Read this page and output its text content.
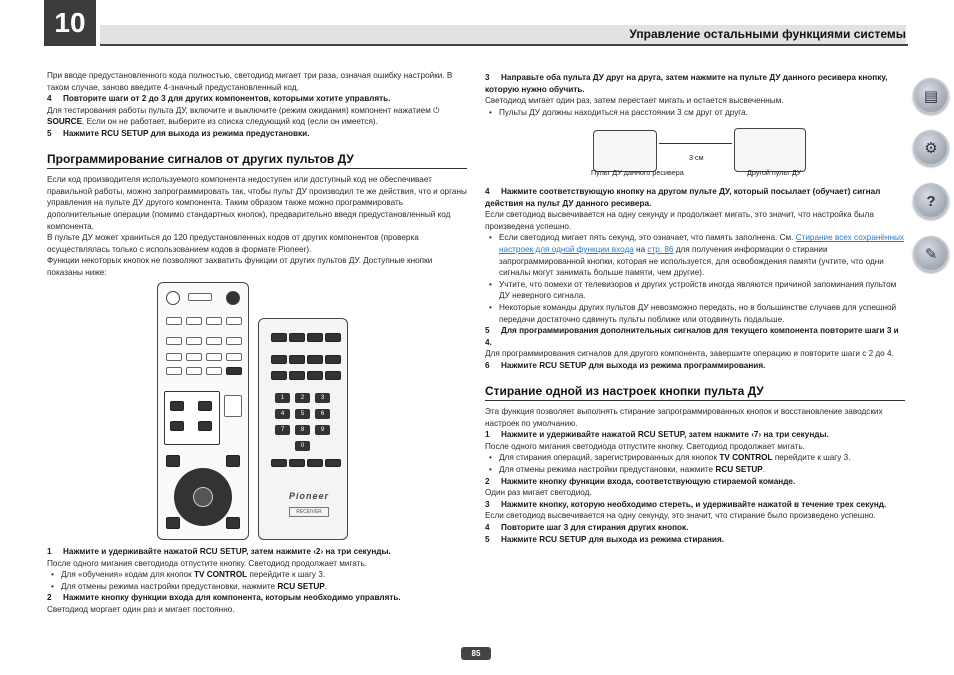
10	Управление остальными функциями системы

При вводе предустановленного кода полностью, светодиод мигает три раза, означая ошибку настройки. В таком случае, заново введите 4-значный предустановленный код.

4 Повторите шаги от 2 до 3 для других компонентов, которыми хотите управлять.

Для тестирования работы пульта ДУ, включите и выключите (режим ожидания) компонент нажатием ⏻ SOURCE. Если он не работает, выберите из списка следующий код (если он имеется).

5 Нажмите RCU SETUP для выхода из режима предустановки.

Программирование сигналов от других пультов ДУ

Если код производителя используемого компонента недоступен или доступный код не обеспечивает правильной работы, можно запрограммировать так, чтобы пульт ДУ производил те же действия, что и органы управления на пульте ДУ другого компонента. Таким образом также можно программировать дополнительные операции (помимо стандартных кнопок), предварительно введя предустановленный код компонента.

В пульте ДУ может храниться до 120 предустановленных кодов от других компонентов (проверка осуществлялась только с использованием кодов в формате Pioneer).

Функции некоторых кнопок не позволяют захватить функции от других пультов ДУ. Доступные кнопки показаны ниже:

1	2	3
4	5	6
7	8	9
0
Pioneer
RECEIVER

1 Нажмите и удерживайте нажатой RCU SETUP, затем нажмите ‹2› на три секунды.

После одного мигания светодиода отпустите кнопку. Светодиод продолжает мигать.

• Для «обучения» кодам для кнопок TV CONTROL перейдите к шагу 3.

• Для отмены режима настройки предустановки, нажмите RCU SETUP.

2 Нажмите кнопку функции входа для компонента, которым необходимо управлять.

Светодиод моргает один раз и мигает постоянно.

3 Направьте оба пульта ДУ друг на друга, затем нажмите на пульте ДУ данного ресивера кнопку, которую нужно обучить.

Светодиод мигает один раз, затем перестает мигать и остается высвеченным.

• Пульты ДУ должны находиться на расстоянии 3 см друг от друга.

3 см
Пульт ДУ данного ресивера	Другой пульт ДУ

4 Нажмите соответствующую кнопку на другом пульте ДУ, который посылает (обучает) сигнал действия на пульт ДУ данного ресивера.

Если светодиод высвечивается на одну секунду и продолжает мигать, это значит, что настройка была произведена успешно.

• Если светодиод мигает пять секунд, это означает, что память заполнена. См. Стирание всех сохранённых настроек для одной функции входа на стр. 86 для получения информации о стирании запрограммированной кнопки, которая не используется, для освобождения памяти (учтите, что одни сигналы могут занимать больше памяти, чем другие).

• Учтите, что помехи от телевизоров и других устройств иногда являются причиной запоминания пультом ДУ неверного сигнала.

• Некоторые команды других пультов ДУ невозможно передать, но в большинстве случаев для успешной передачи достаточно сдвинуть пульты поближе или отодвинуть подальше.

5 Для программирования дополнительных сигналов для текущего компонента повторите шаги 3 и 4.

Для программирования сигналов для другого компонента, завершите операцию и повторите шаги с 2 до 4.

6 Нажмите RCU SETUP для выхода из режима программирования.

Стирание одной из настроек кнопки пульта ДУ

Эта функция позволяет выполнять стирание запрограммированных кнопок и восстановление заводских настроек по умолчанию.

1 Нажмите и удерживайте нажатой RCU SETUP, затем нажмите ‹7› на три секунды.

После одного мигания светодиода отпустите кнопку. Светодиод продолжает мигать.

• Для стирания операций, зарегистрированных для кнопок TV CONTROL перейдите к шагу 3.

• Для отмены режима настройки предустановки, нажмите RCU SETUP.

2 Нажмите кнопку функции входа, соответствующую стираемой команде.

Один раз мигает светодиод.

3 Нажмите кнопку, которую необходимо стереть, и удерживайте нажатой в течение трех секунд.

Если светодиод высвечивается на одну секунду, это значит, что стирание было произведено успешно.

4 Повторите шаг 3 для стирания других кнопок.

5 Нажмите RCU SETUP для выхода из режима стирания.

▤
⚙
?
✎
85
